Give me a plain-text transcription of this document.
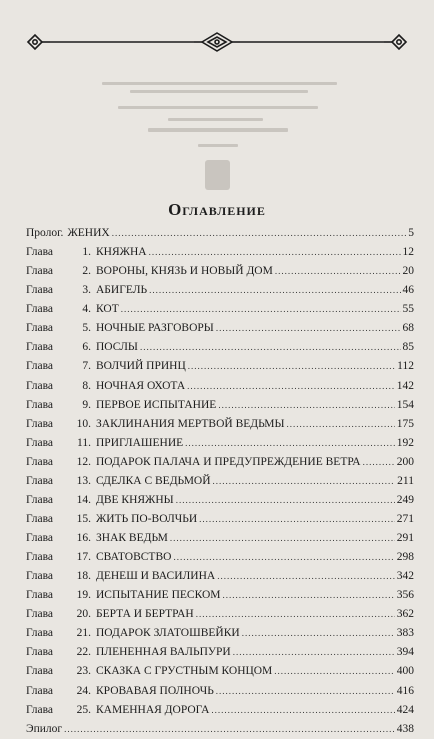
Оглавление
Пролог. ЖЕНИХ .....	5
Глава	1. КНЯЖНА .....	12
Глава	2. ВОРОНЫ, КНЯЗЬ И НОВЫЙ ДОМ .....	20
Глава	3. АБИГЕЛЬ .....	46
Глава	4. КОТ .....	55
Глава	5. НОЧНЫЕ РАЗГОВОРЫ .....	68
Глава	6. ПОСЛЫ .....	85
Глава	7. ВОЛЧИЙ ПРИНЦ .....	112
Глава	8. НОЧНАЯ ОХОТА .....	142
Глава	9. ПЕРВОЕ ИСПЫТАНИЕ .....	154
Глава	10. ЗАКЛИНАНИЯ МЕРТВОЙ ВЕДЬМЫ .....	175
Глава	11. ПРИГЛАШЕНИЕ .....	192
Глава	12. ПОДАРОК ПАЛАЧА И ПРЕДУПРЕЖДЕНИЕ ВЕТРА .....	200
Глава	13. СДЕЛКА С ВЕДЬМОЙ .....	211
Глава	14. ДВЕ КНЯЖНЫ .....	249
Глава	15. ЖИТЬ ПО-ВОЛЧЬИ .....	271
Глава	16. ЗНАК ВЕДЬМ .....	291
Глава	17. СВАТОВСТВО .....	298
Глава	18. ДЕНЕШ И ВАСИЛИНА .....	342
Глава	19. ИСПЫТАНИЕ ПЕСКОМ .....	356
Глава	20. БЕРТА И БЕРТРАН .....	362
Глава	21. ПОДАРОК ЗЛАТОШВЕЙКИ .....	383
Глава	22. ПЛЕНЕННАЯ ВАЛЬПУРИ .....	394
Глава	23. СКАЗКА С ГРУСТНЫМ КОНЦОМ .....	400
Глава	24. КРОВАВАЯ ПОЛНОЧЬ .....	416
Глава	25. КАМЕННАЯ ДОРОГА .....	424
Эпилог .....	438
